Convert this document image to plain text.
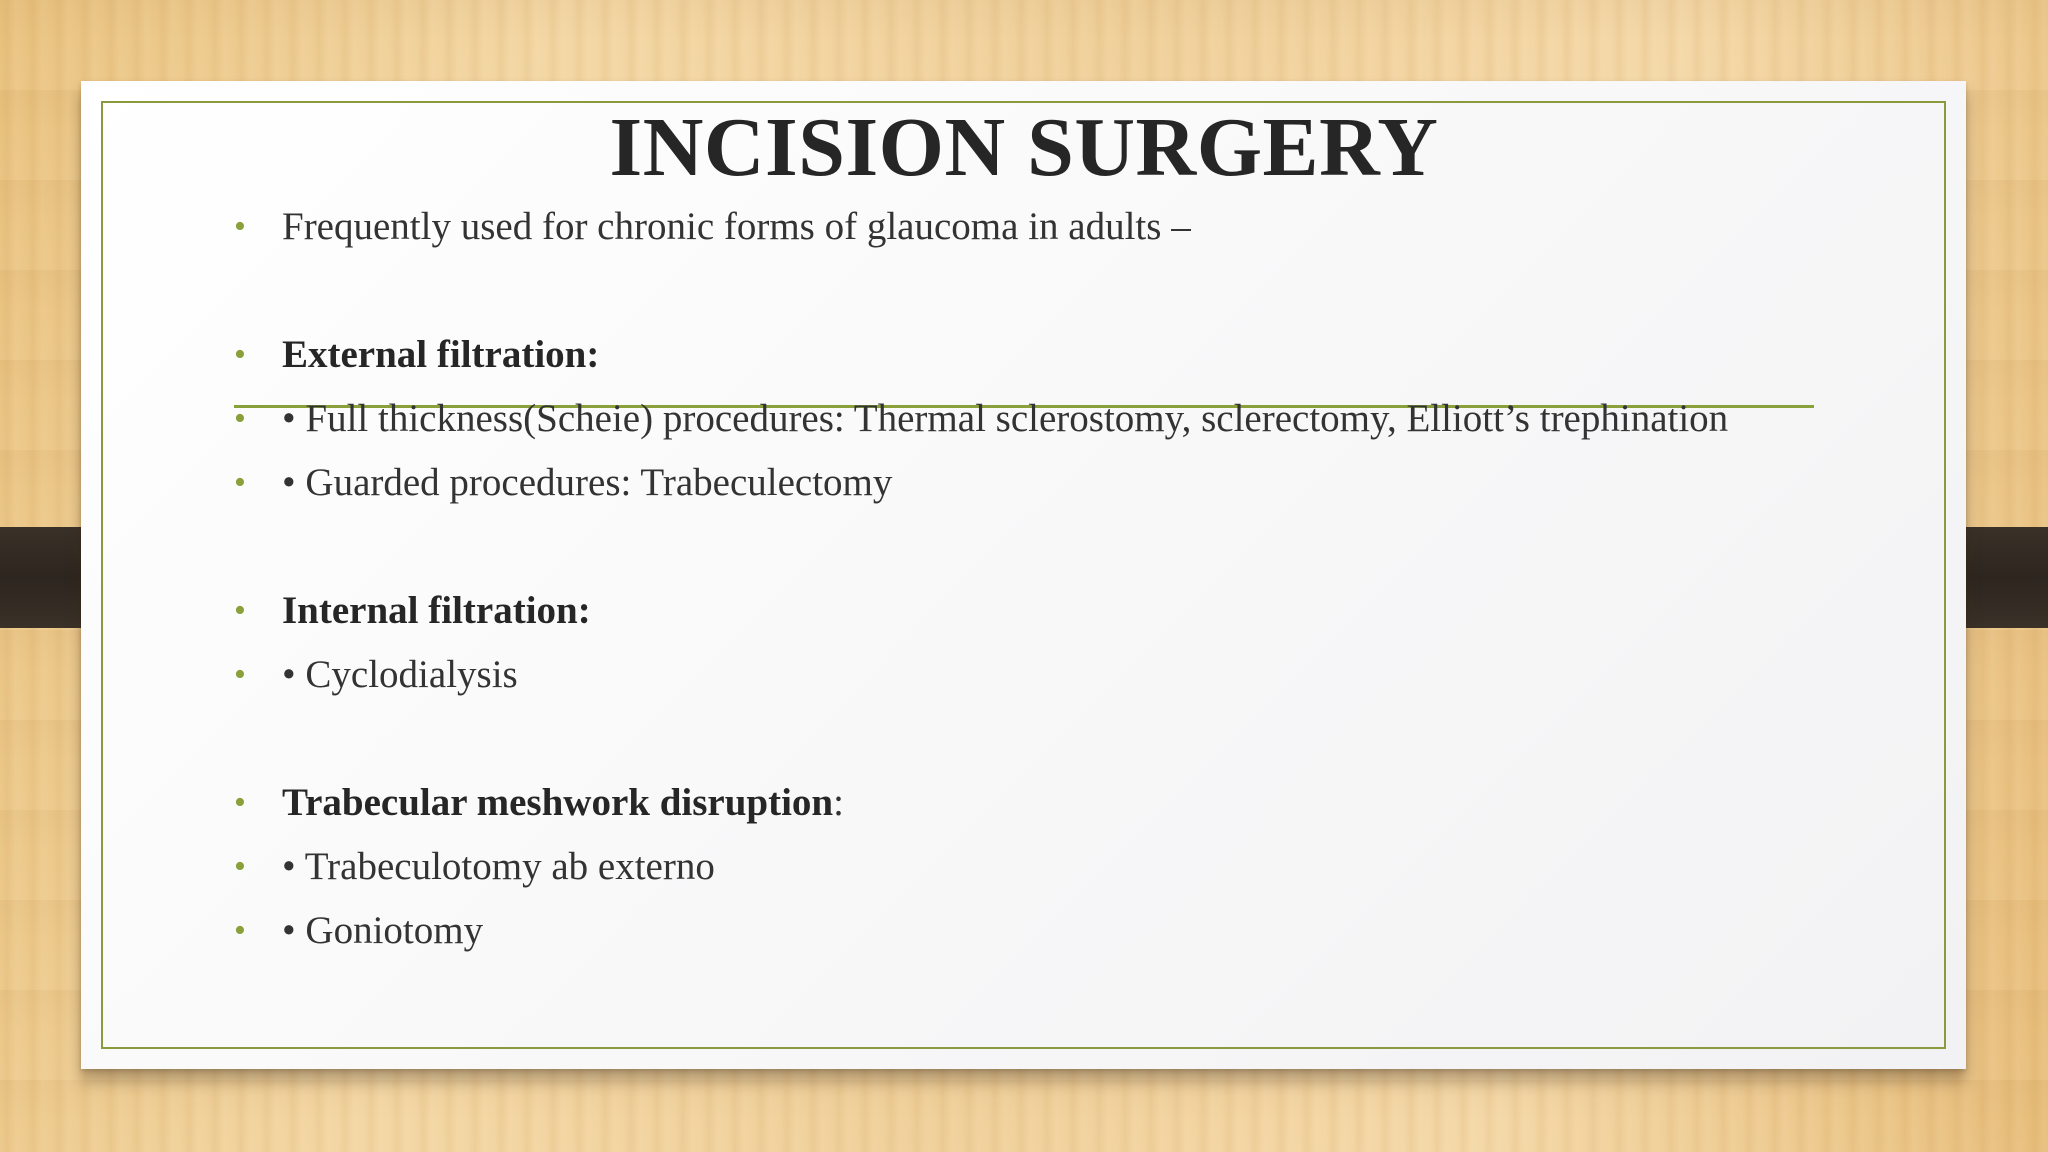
INCISION SURGERY
• Frequently used for chronic forms of glaucoma in adults –
• External filtration:
• • Full thickness(Scheie) procedures: Thermal sclerostomy, sclerectomy, Elliott’s trephination
• • Guarded procedures: Trabeculectomy
• Internal filtration:
• • Cyclodialysis
• Trabecular meshwork disruption:
• • Trabeculotomy ab externo
• • Goniotomy
